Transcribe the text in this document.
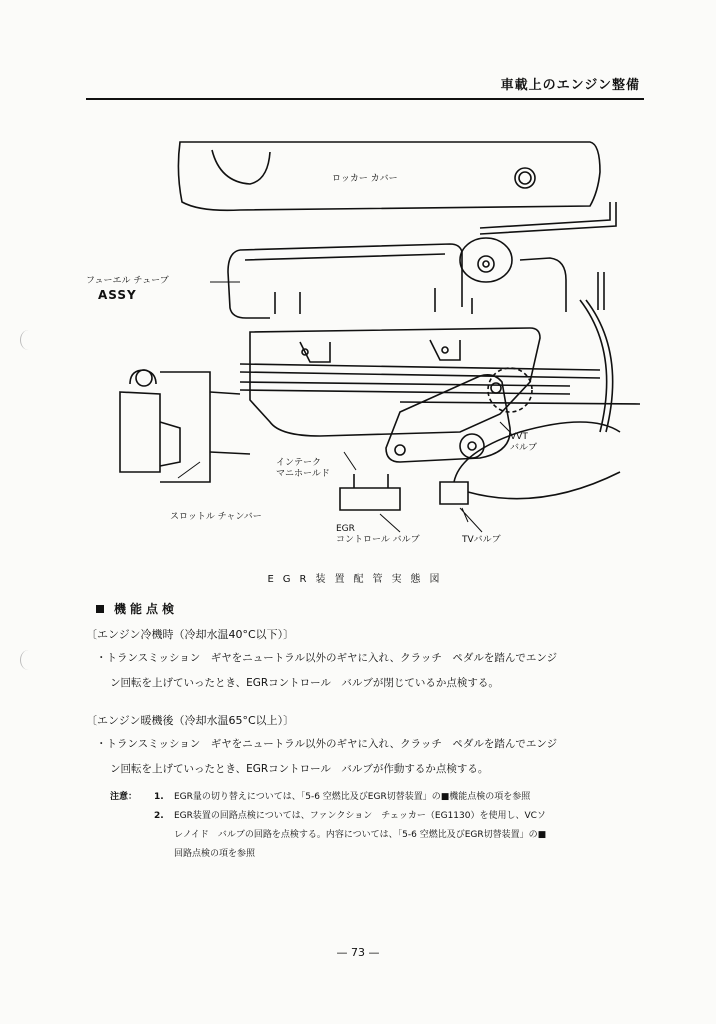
車載上のエンジン整備
ロッカー カバー
フューエル チューブ
ASSY
VVT
バルブ
インテーク
マニホールド
スロットル チャンバー
EGR
コントロール バルブ	TVバルブ
EGR装置配管実態図
機能点検
〔エンジン冷機時（冷却水温40°C以下）〕

・トランスミッション　ギヤをニュートラル以外のギヤに入れ、クラッチ　ペダルを踏んでエンジ

ン回転を上げていったとき、EGRコントロール　バルブが閉じているか点検する。

〔エンジン暖機後（冷却水温65°C以上）〕

・トランスミッション　ギヤをニュートラル以外のギヤに入れ、クラッチ　ペダルを踏んでエンジ

ン回転を上げていったとき、EGRコントロール　バルブが作動するか点検する。

注意：	1.	EGR量の切り替えについては、「5-6 空燃比及びEGR切替装置」の■機能点検の項を参照
2.	EGR装置の回路点検については、ファンクション　チェッカー（EG1130）を使用し、VCソ
レノイド　バルブの回路を点検する。内容については、「5-6 空燃比及びEGR切替装置」の■
回路点検の項を参照
— 73 —
